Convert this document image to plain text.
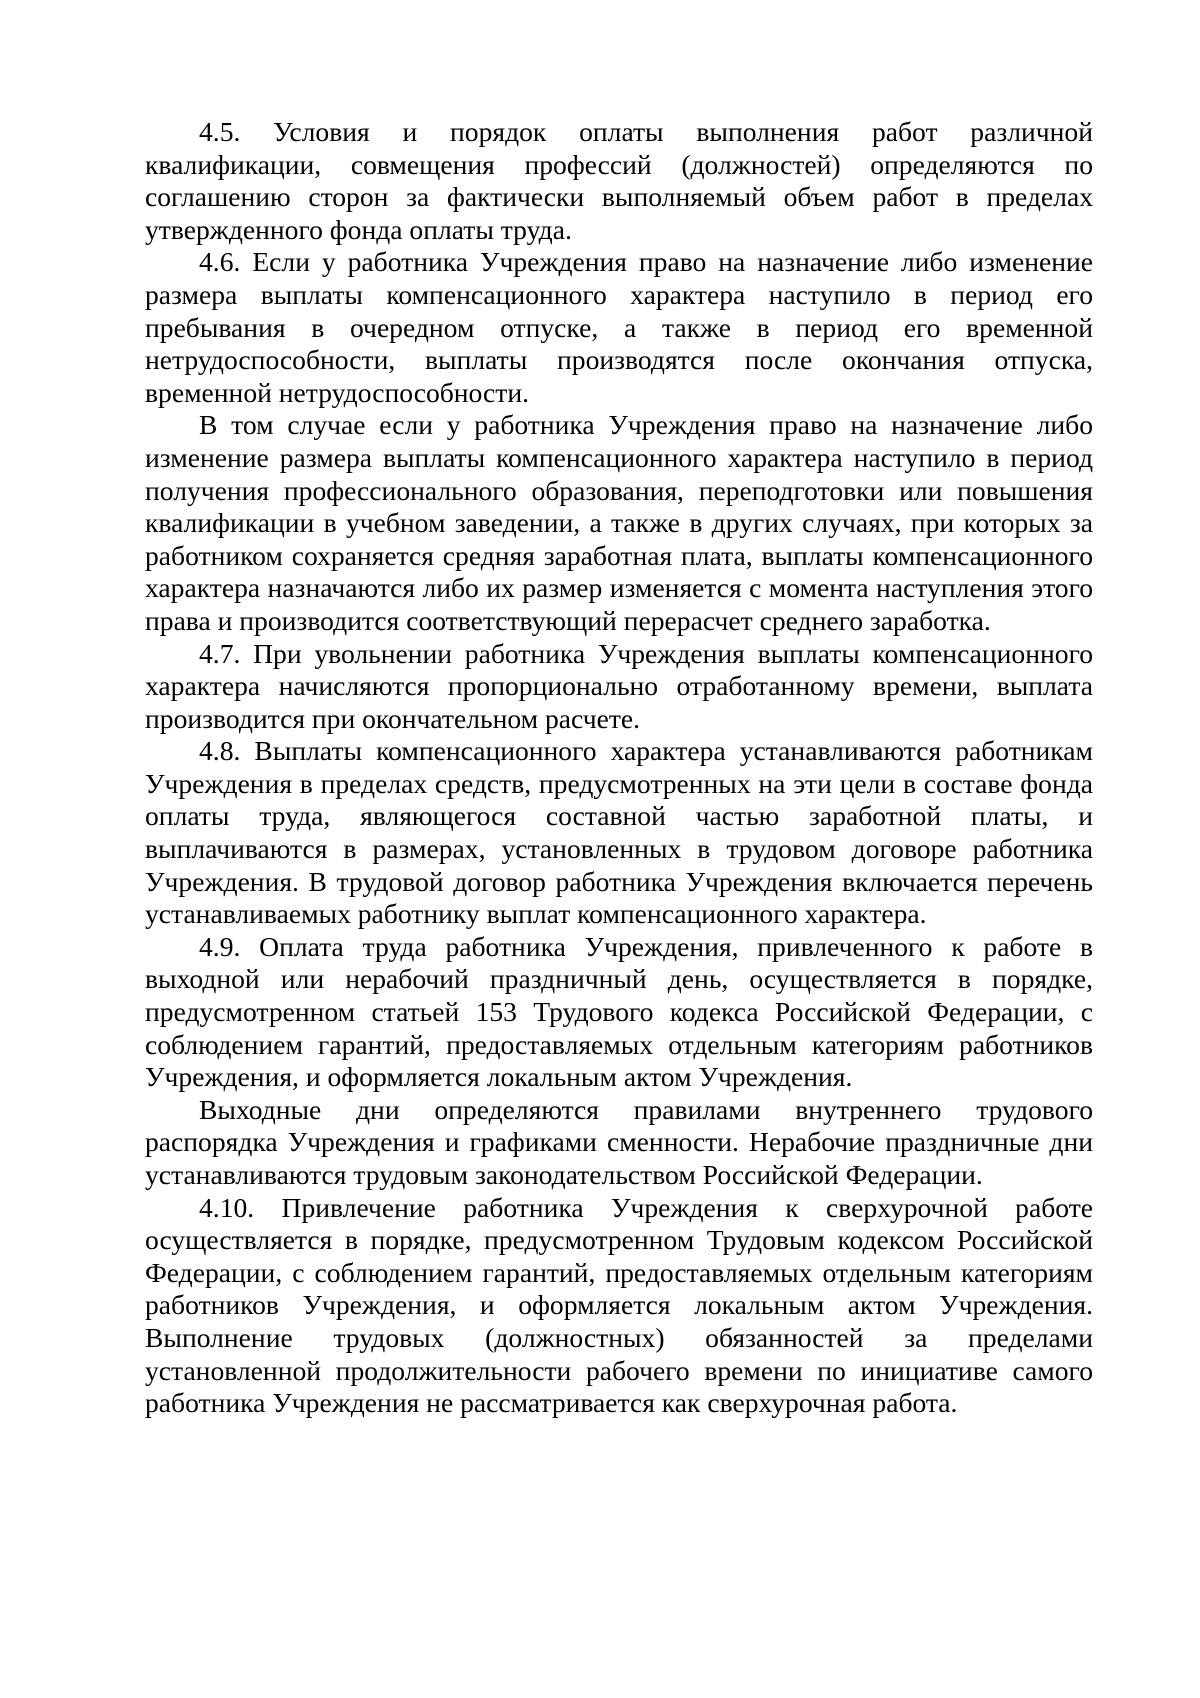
4.5. Условия и порядок оплаты выполнения работ различной квалификации, совмещения профессий (должностей) определяются по соглашению сторон за фактически выполняемый объем работ в пределах утвержденного фонда оплаты труда.

4.6. Если у работника Учреждения право на назначение либо изменение размера выплаты компенсационного характера наступило в период его пребывания в очередном отпуске, а также в период его временной нетрудоспособности, выплаты производятся после окончания отпуска, временной нетрудоспособности.

В том случае если у работника Учреждения право на назначение либо изменение размера выплаты компенсационного характера наступило в период получения профессионального образования, переподготовки или повышения квалификации в учебном заведении, а также в других случаях, при которых за работником сохраняется средняя заработная плата, выплаты компенсационного характера назначаются либо их размер изменяется с момента наступления этого права и производится соответствующий перерасчет среднего заработка.

4.7. При увольнении работника Учреждения выплаты компенсационного характера начисляются пропорционально отработанному времени, выплата производится при окончательном расчете.

4.8. Выплаты компенсационного характера устанавливаются работникам Учреждения в пределах средств, предусмотренных на эти цели в составе фонда оплаты труда, являющегося составной частью заработной платы, и выплачиваются в размерах, установленных в трудовом договоре работника Учреждения. В трудовой договор работника Учреждения включается перечень устанавливаемых работнику выплат компенсационного характера.

4.9. Оплата труда работника Учреждения, привлеченного к работе в выходной или нерабочий праздничный день, осуществляется в порядке, предусмотренном статьей 153 Трудового кодекса Российской Федерации, с соблюдением гарантий, предоставляемых отдельным категориям работников Учреждения, и оформляется локальным актом Учреждения.

Выходные дни определяются правилами внутреннего трудового распорядка Учреждения и графиками сменности. Нерабочие праздничные дни устанавливаются трудовым законодательством Российской Федерации.

4.10. Привлечение работника Учреждения к сверхурочной работе осуществляется в порядке, предусмотренном Трудовым кодексом Российской Федерации, с соблюдением гарантий, предоставляемых отдельным категориям работников Учреждения, и оформляется локальным актом Учреждения. Выполнение трудовых (должностных) обязанностей за пределами установленной продолжительности рабочего времени по инициативе самого работника Учреждения не рассматривается как сверхурочная работа.
